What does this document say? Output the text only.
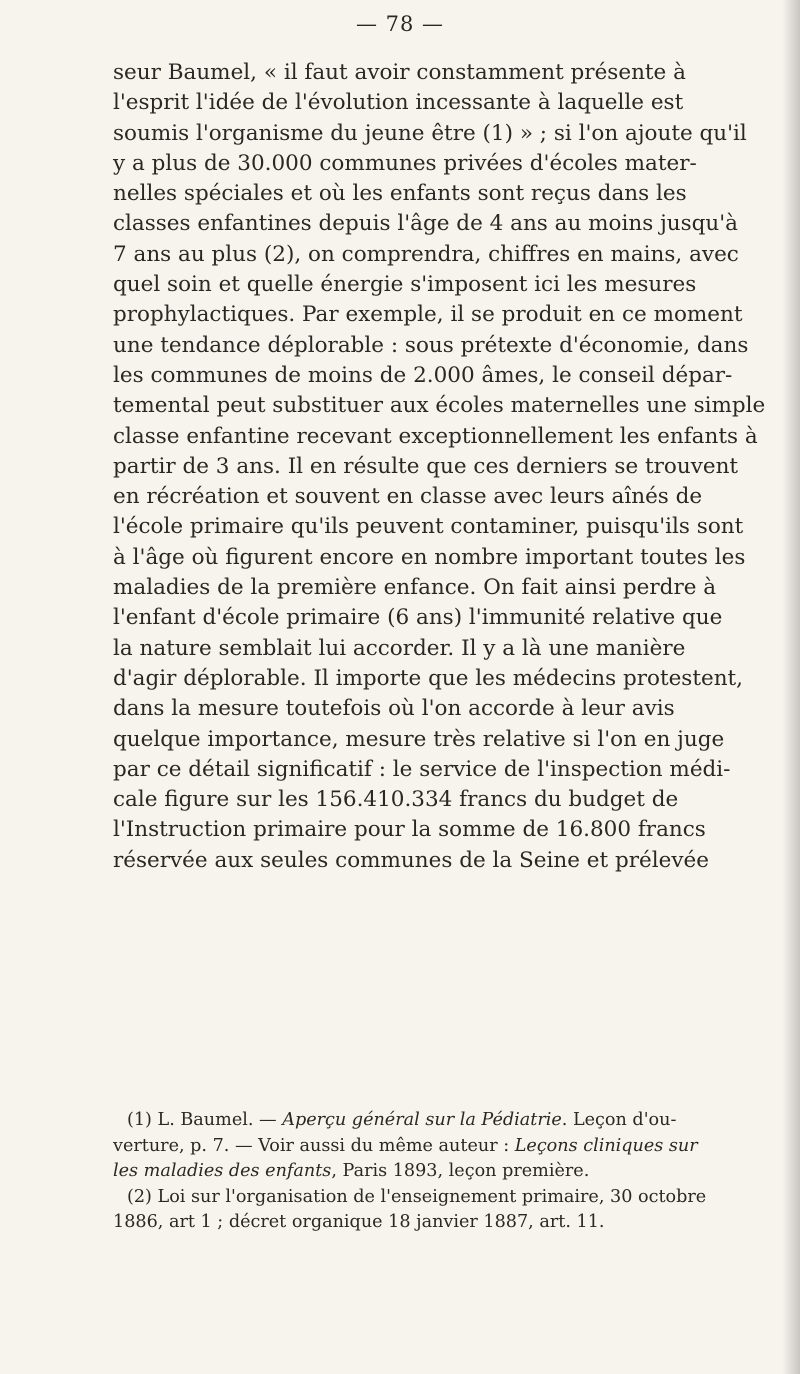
— 78 —
seur Baumel, « il faut avoir constamment présente à
l'esprit l'idée de l'évolution incessante à laquelle est
soumis l'organisme du jeune être (1) » ; si l'on ajoute qu'il
y a plus de 30.000 communes privées d'écoles mater-
nelles spéciales et où les enfants sont reçus dans les
classes enfantines depuis l'âge de 4 ans au moins jusqu'à
7 ans au plus (2), on comprendra, chiffres en mains, avec
quel soin et quelle énergie s'imposent ici les mesures
prophylactiques. Par exemple, il se produit en ce moment
une tendance déplorable : sous prétexte d'économie, dans
les communes de moins de 2.000 âmes, le conseil dépar-
temental peut substituer aux écoles maternelles une simple
classe enfantine recevant exceptionnellement les enfants à
partir de 3 ans. Il en résulte que ces derniers se trouvent
en récréation et souvent en classe avec leurs aînés de
l'école primaire qu'ils peuvent contaminer, puisqu'ils sont
à l'âge où figurent encore en nombre important toutes les
maladies de la première enfance. On fait ainsi perdre à
l'enfant d'école primaire (6 ans) l'immunité relative que
la nature semblait lui accorder. Il y a là une manière
d'agir déplorable. Il importe que les médecins protestent,
dans la mesure toutefois où l'on accorde à leur avis
quelque importance, mesure très relative si l'on en juge
par ce détail significatif : le service de l'inspection médi-
cale figure sur les 156.410.334 francs du budget de
l'Instruction primaire pour la somme de 16.800 francs
réservée aux seules communes de la Seine et prélevée
(1) L. Baumel. — Aperçu général sur la Pédiatrie. Leçon d'ou-
verture, p. 7. — Voir aussi du même auteur : Leçons cliniques sur
les maladies des enfants, Paris 1893, leçon première.
(2) Loi sur l'organisation de l'enseignement primaire, 30 octobre
1886, art 1 ; décret organique 18 janvier 1887, art. 11.
